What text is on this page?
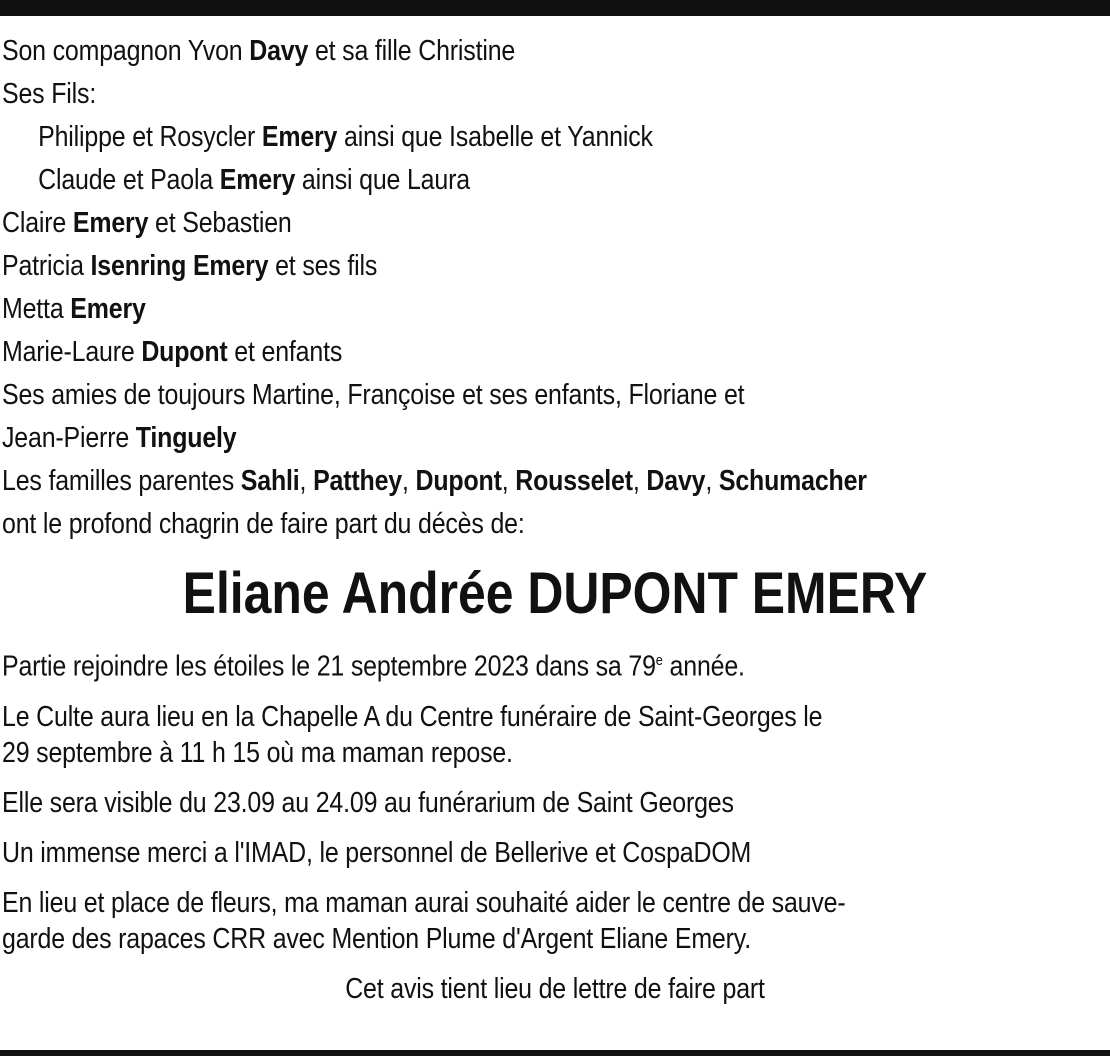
Son compagnon Yvon Davy et sa fille Christine
Ses Fils:
Philippe et Rosycler Emery ainsi que Isabelle et Yannick
Claude et Paola Emery ainsi que Laura
Claire Emery et Sebastien
Patricia Isenring Emery et ses fils
Metta Emery
Marie-Laure Dupont et enfants
Ses amies de toujours Martine, Françoise et ses enfants, Floriane et
Jean-Pierre Tinguely
Les familles parentes Sahli, Patthey, Dupont, Rousselet, Davy, Schumacher
ont le profond chagrin de faire part du décès de:
Eliane Andrée DUPONT EMERY
Partie rejoindre les étoiles le 21 septembre 2023 dans sa 79e année.
Le Culte aura lieu en la Chapelle A du Centre funéraire de Saint-Georges le
29 septembre à 11 h 15 où ma maman repose.
Elle sera visible du 23.09 au 24.09 au funérarium de Saint Georges
Un immense merci a l'IMAD, le personnel de Bellerive et CospaDOM
En lieu et place de fleurs, ma maman aurai souhaité aider le centre de sauve-
garde des rapaces CRR avec Mention Plume d'Argent Eliane Emery.
Cet avis tient lieu de lettre de faire part
